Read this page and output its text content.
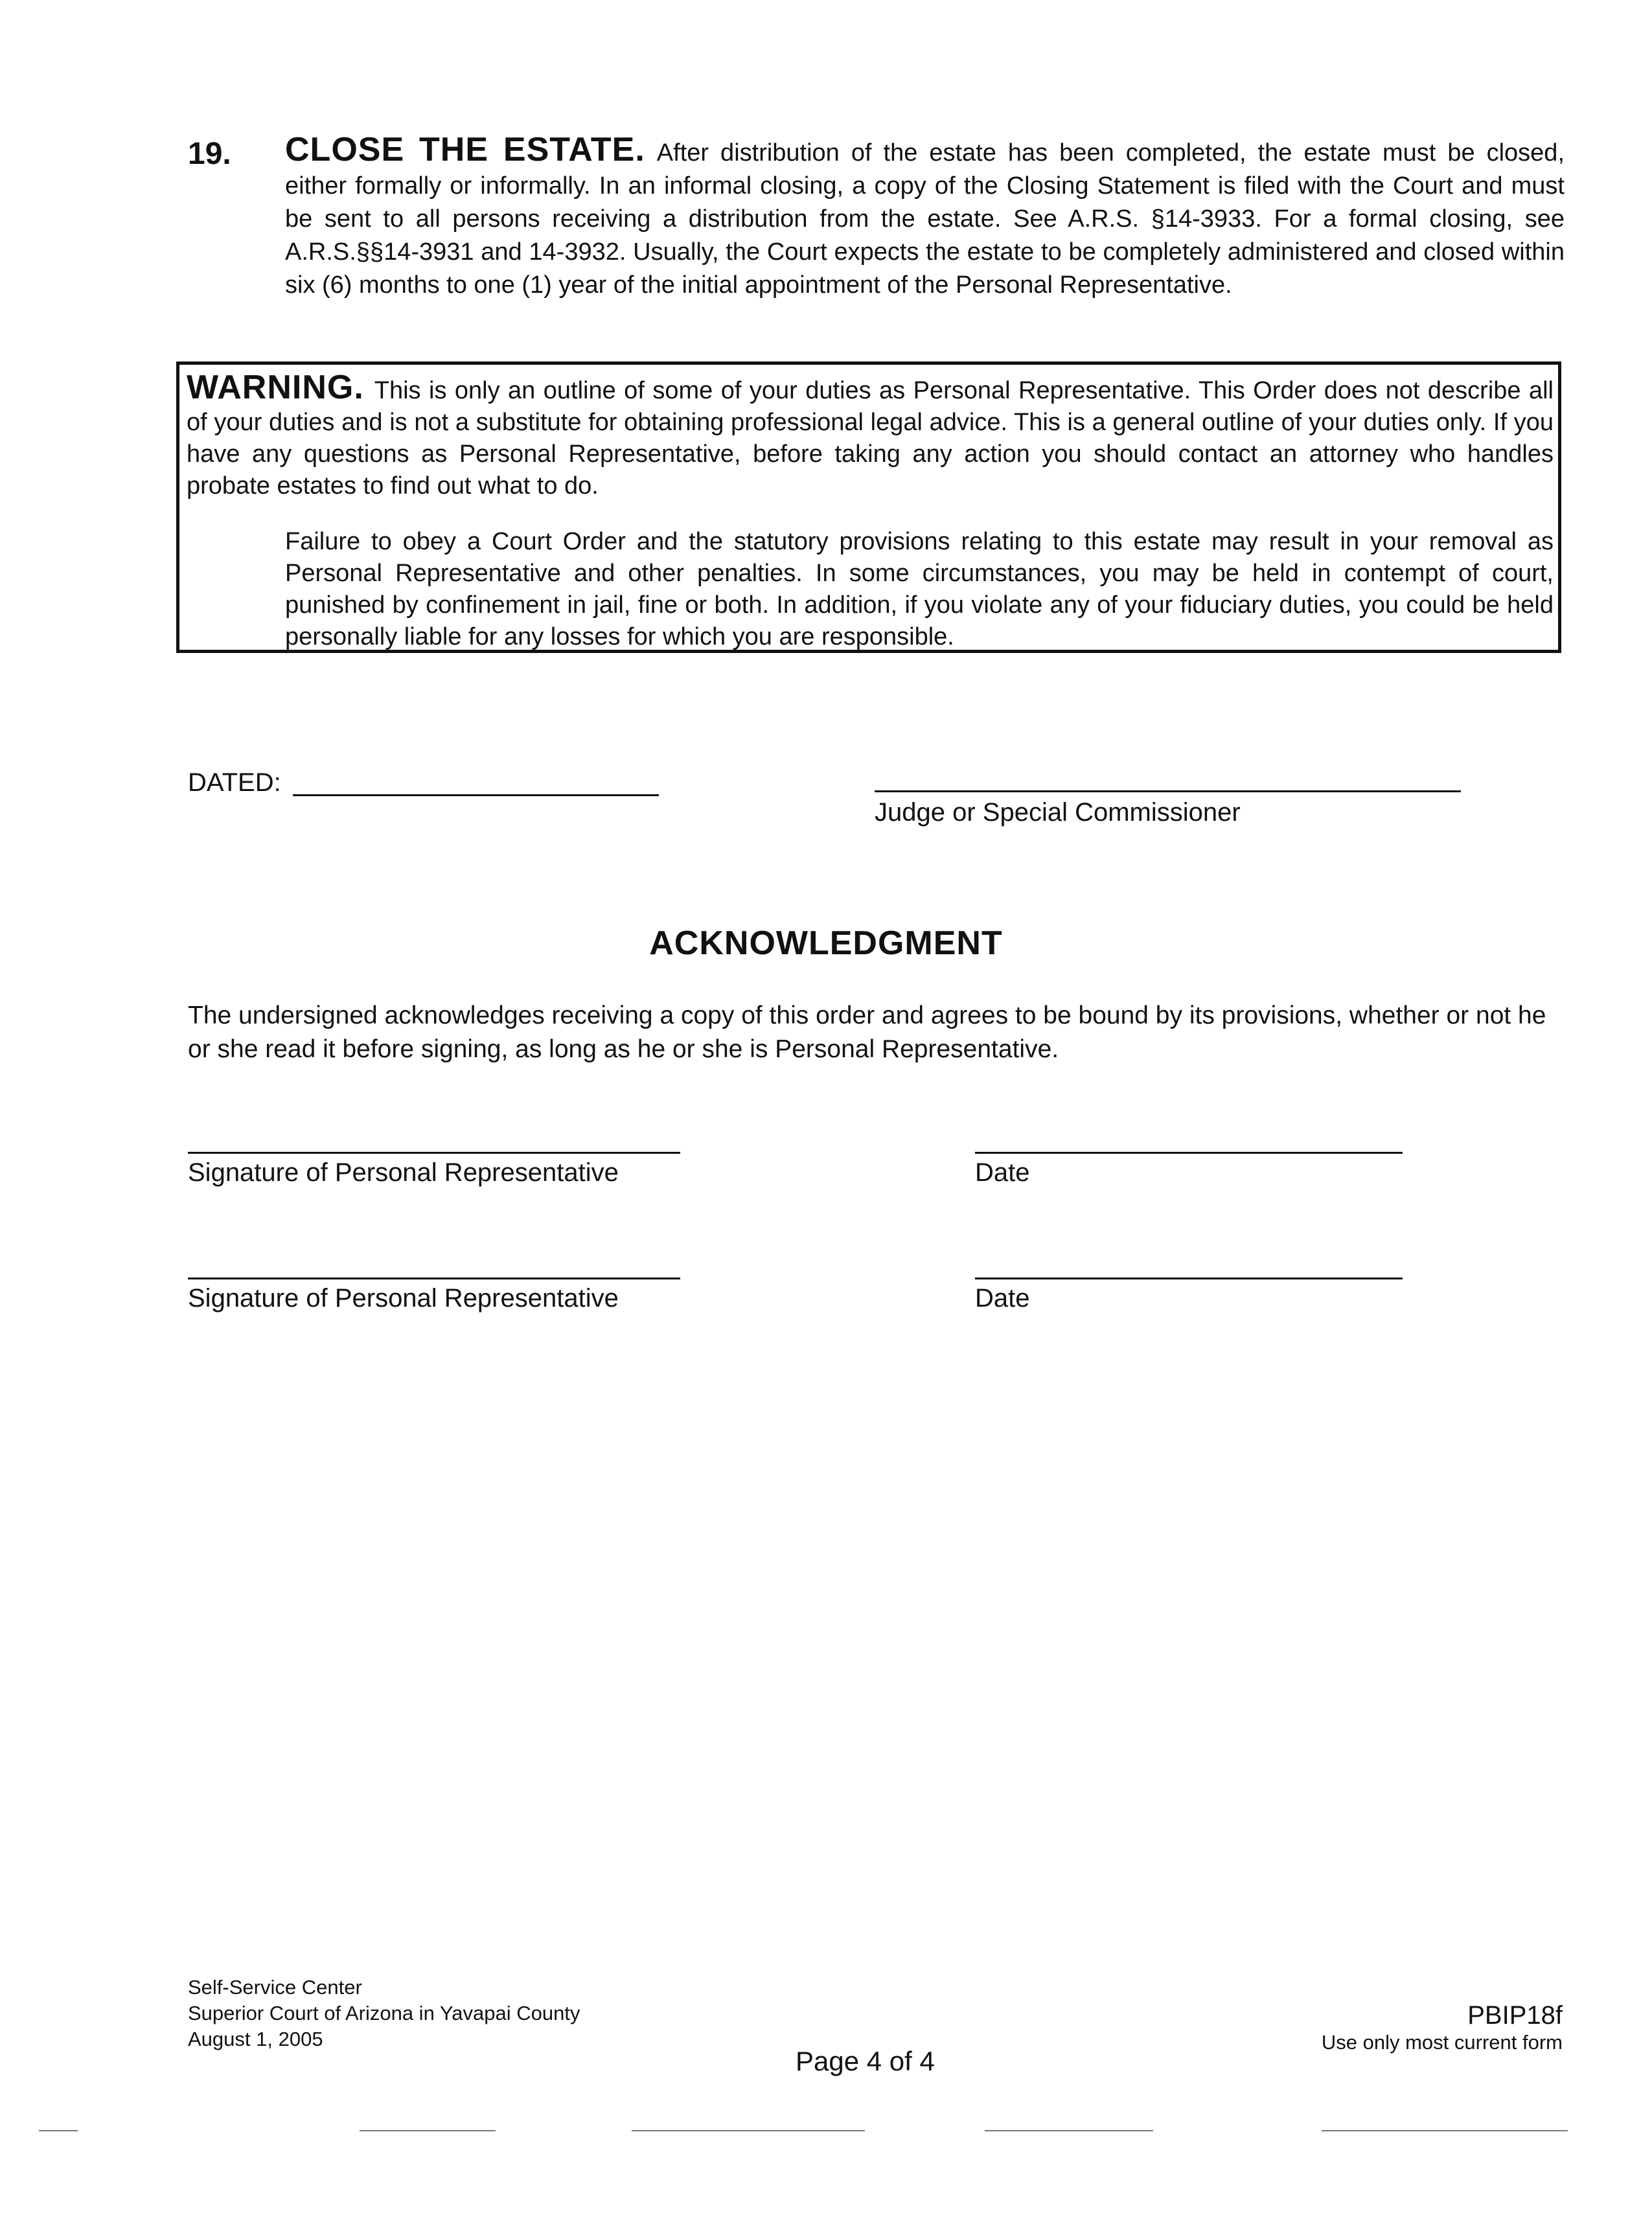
19. CLOSE THE ESTATE. After distribution of the estate has been completed, the estate must be closed, either formally or informally. In an informal closing, a copy of the Closing Statement is filed with the Court and must be sent to all persons receiving a distribution from the estate. See A.R.S. §14-3933. For a formal closing, see A.R.S.§§14-3931 and 14-3932. Usually, the Court expects the estate to be completely administered and closed within six (6) months to one (1) year of the initial appointment of the Personal Representative.
WARNING. This is only an outline of some of your duties as Personal Representative. This Order does not describe all of your duties and is not a substitute for obtaining professional legal advice. This is a general outline of your duties only. If you have any questions as Personal Representative, before taking any action you should contact an attorney who handles probate estates to find out what to do.
Failure to obey a Court Order and the statutory provisions relating to this estate may result in your removal as Personal Representative and other penalties. In some circumstances, you may be held in contempt of court, punished by confinement in jail, fine or both. In addition, if you violate any of your fiduciary duties, you could be held personally liable for any losses for which you are responsible.
DATED:
Judge or Special Commissioner
ACKNOWLEDGMENT
The undersigned acknowledges receiving a copy of this order and agrees to be bound by its provisions, whether or not he or she read it before signing, as long as he or she is Personal Representative.
Signature of Personal Representative	Date
Signature of Personal Representative	Date
Self-Service Center
Superior Court of Arizona in Yavapai County
August 1, 2005
Page 4 of 4
PBIP18f
Use only most current form
